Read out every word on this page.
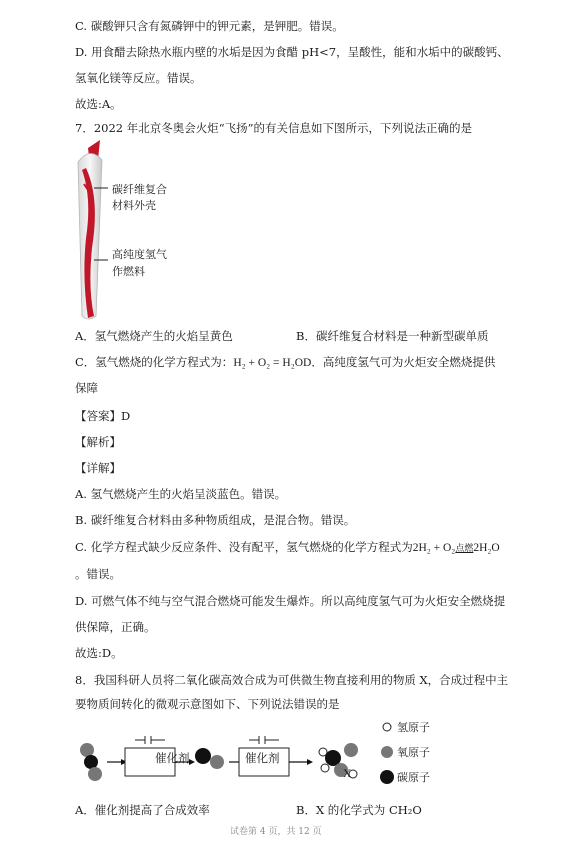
C. 碳酸钾只含有氮磷钾中的钾元素，是钾肥。错误。
D. 用食醋去除热水瓶内壁的水垢是因为食醋 pH<7，呈酸性，能和水垢中的碳酸钙、
氢氧化镁等反应。错误。
故选:A。
7．2022 年北京冬奥会火炬“飞扬”的有关信息如下图所示，下列说法正确的是
碳纤维复合
材料外壳
高纯度氢气
作燃料
A．氢气燃烧产生的火焰呈黄色	B．碳纤维复合材料是一种新型碳单质
C．氢气燃烧的化学方程式为：H₂ + O₂ = H₂OD．高纯度氢气可为火炬安全燃烧提供
保障
【答案】D
【解析】
【详解】
A. 氢气燃烧产生的火焰呈淡蓝色。错误。
B. 碳纤维复合材料由多种物质组成，是混合物。错误。
C. 化学方程式缺少反应条件、没有配平，氢气燃烧的化学方程式为2H₂ + O₂点燃2H₂O
。错误。
D. 可燃气体不纯与空气混合燃烧可能发生爆炸。所以高纯度氢气可为火炬安全燃烧提
供保障，正确。
故选:D。
8．我国科研人员将二氧化碳高效合成为可供微生物直接利用的物质 X，合成过程中主
要物质间转化的微观示意图如下、下列说法错误的是
催化剂	催化剂
X
氢原子
氧原子
碳原子
A．催化剂提高了合成效率	B．X 的化学式为 CH₂O
试卷第 4 页，共 12 页
